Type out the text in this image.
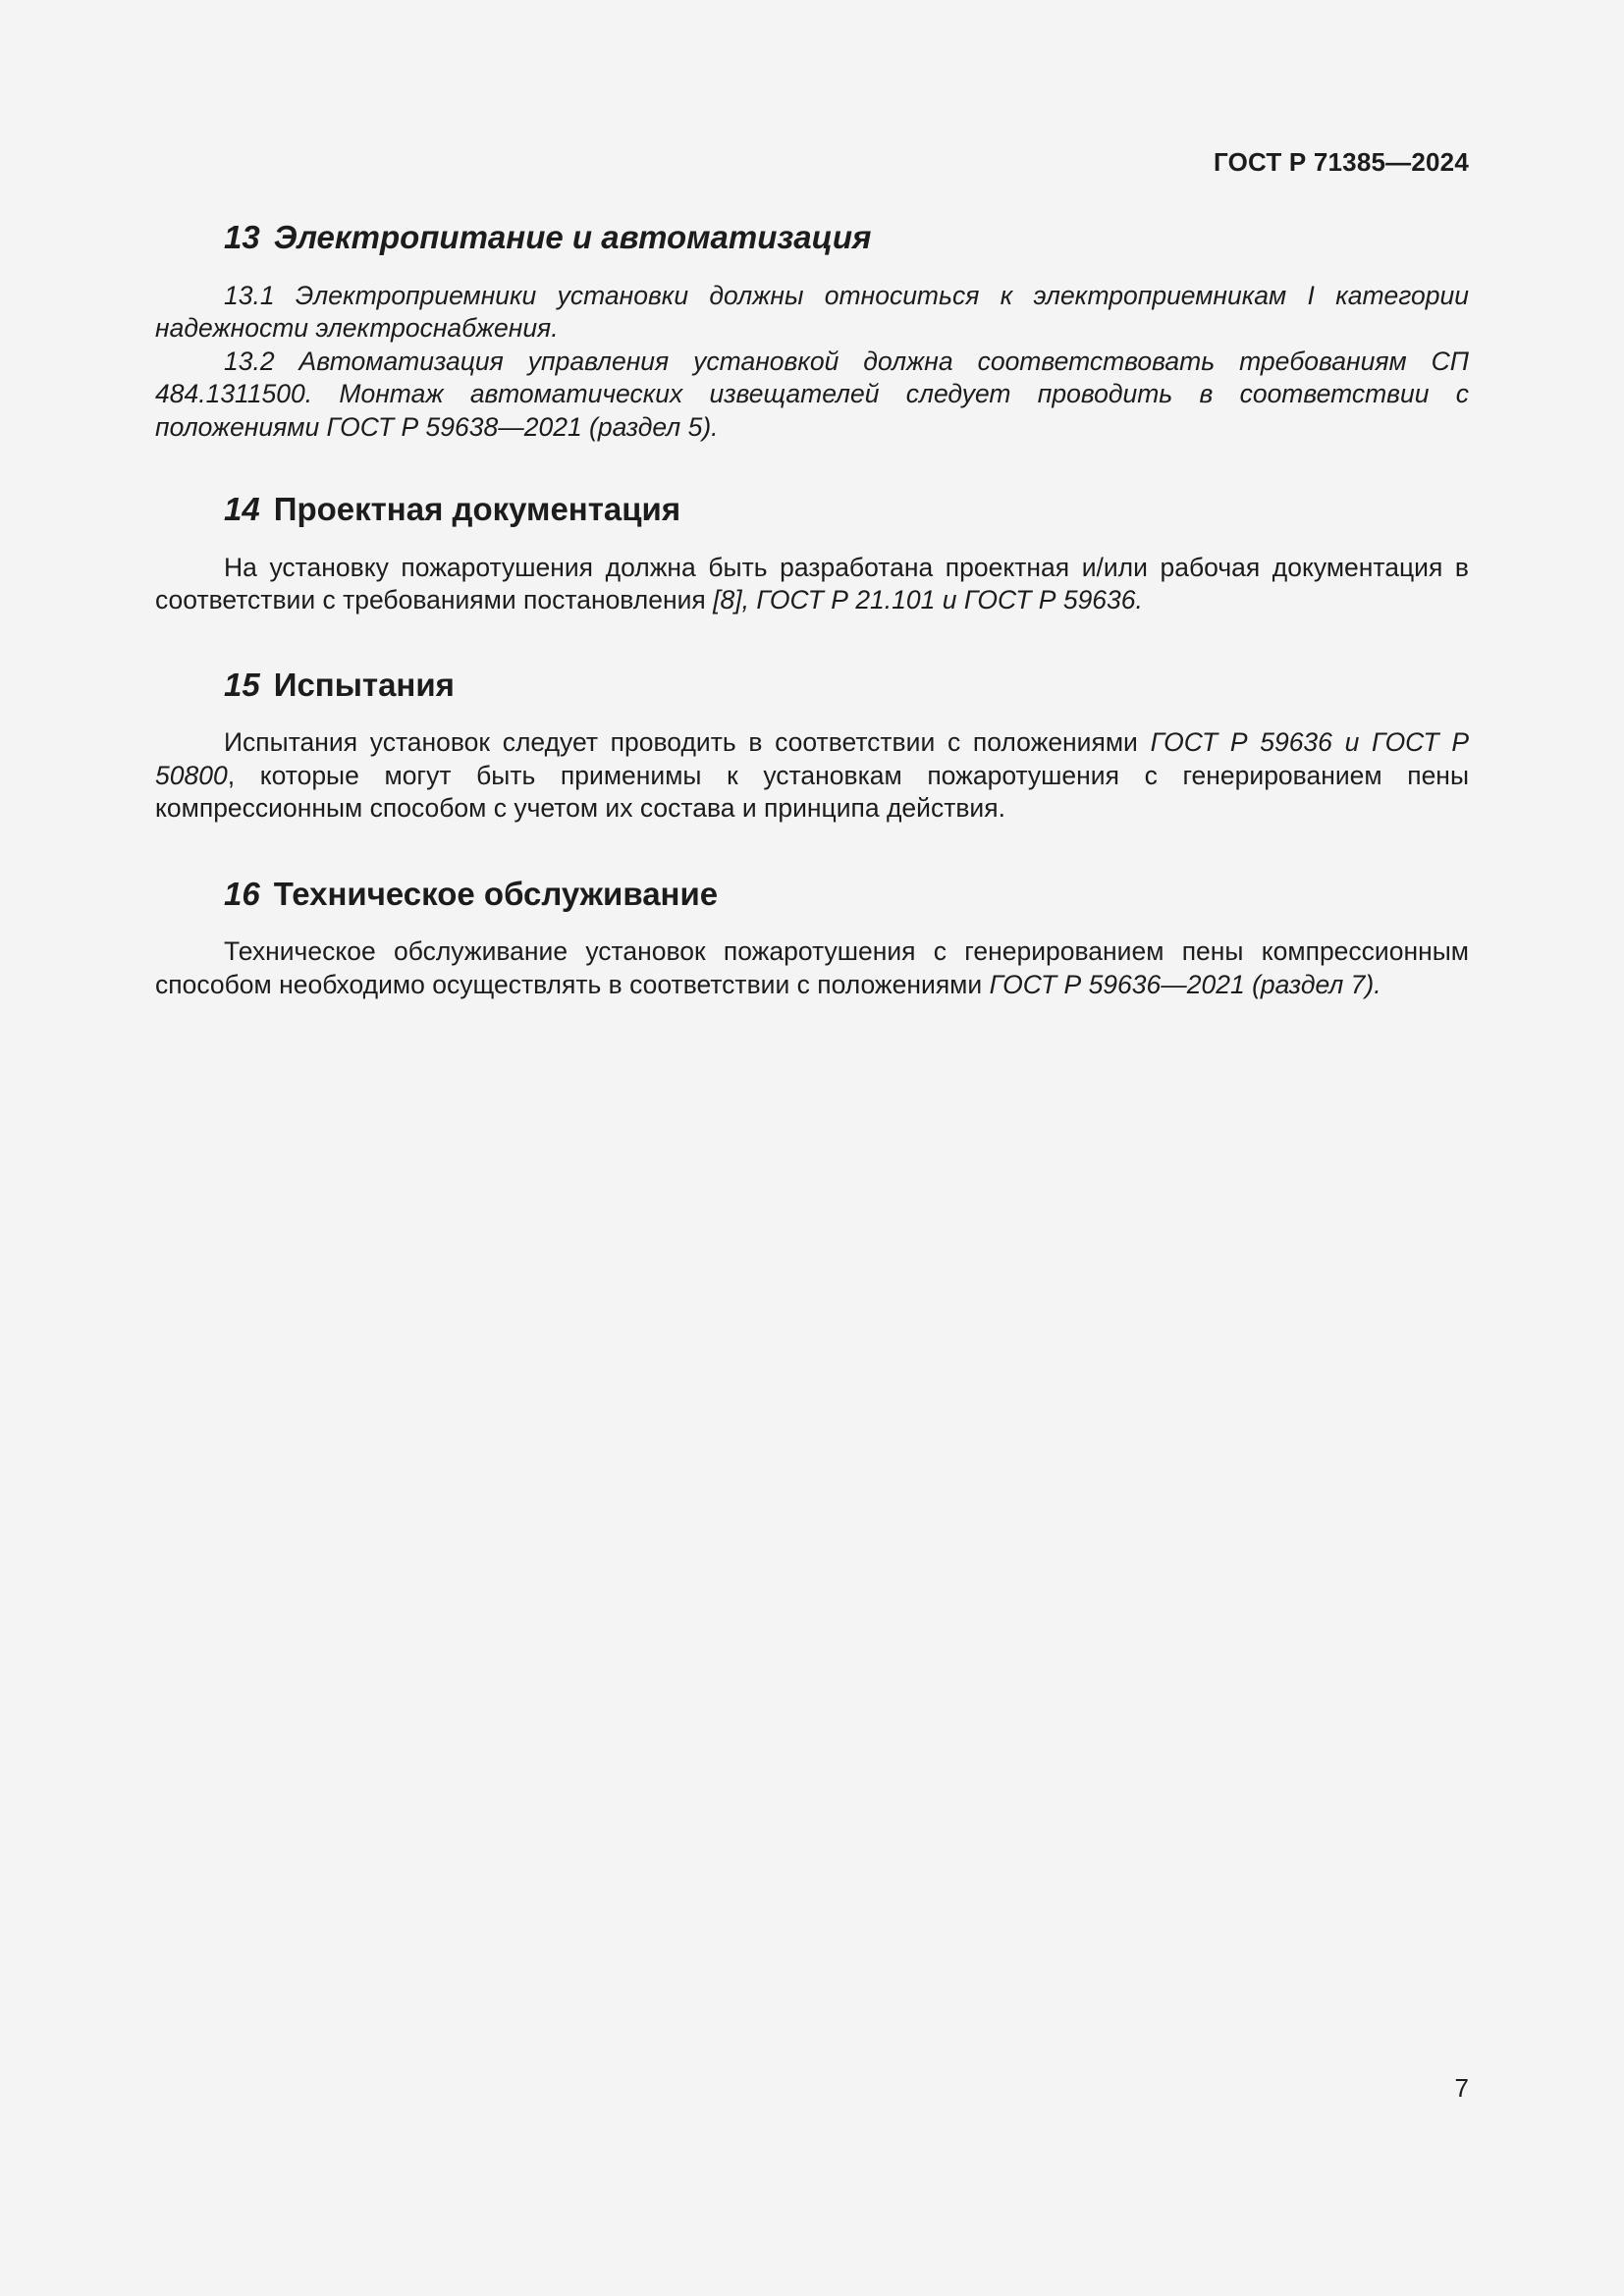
ГОСТ Р 71385—2024
13 Электропитание и автоматизация

13.1 Электроприемники установки должны относиться к электроприемникам I категории надежности электроснабжения.

13.2 Автоматизация управления установкой должна соответствовать требованиям СП 484.1311500. Монтаж автоматических извещателей следует проводить в соответствии с положениями ГОСТ Р 59638—2021 (раздел 5).

14 Проектная документация

На установку пожаротушения должна быть разработана проектная и/или рабочая документация в соответствии с требованиями постановления [8], ГОСТ Р 21.101 и ГОСТ Р 59636.

15 Испытания

Испытания установок следует проводить в соответствии с положениями ГОСТ Р 59636 и ГОСТ Р 50800, которые могут быть применимы к установкам пожаротушения с генерированием пены компрессионным способом с учетом их состава и принципа действия.

16 Техническое обслуживание

Техническое обслуживание установок пожаротушения с генерированием пены компрессионным способом необходимо осуществлять в соответствии с положениями ГОСТ Р 59636—2021 (раздел 7).

7
